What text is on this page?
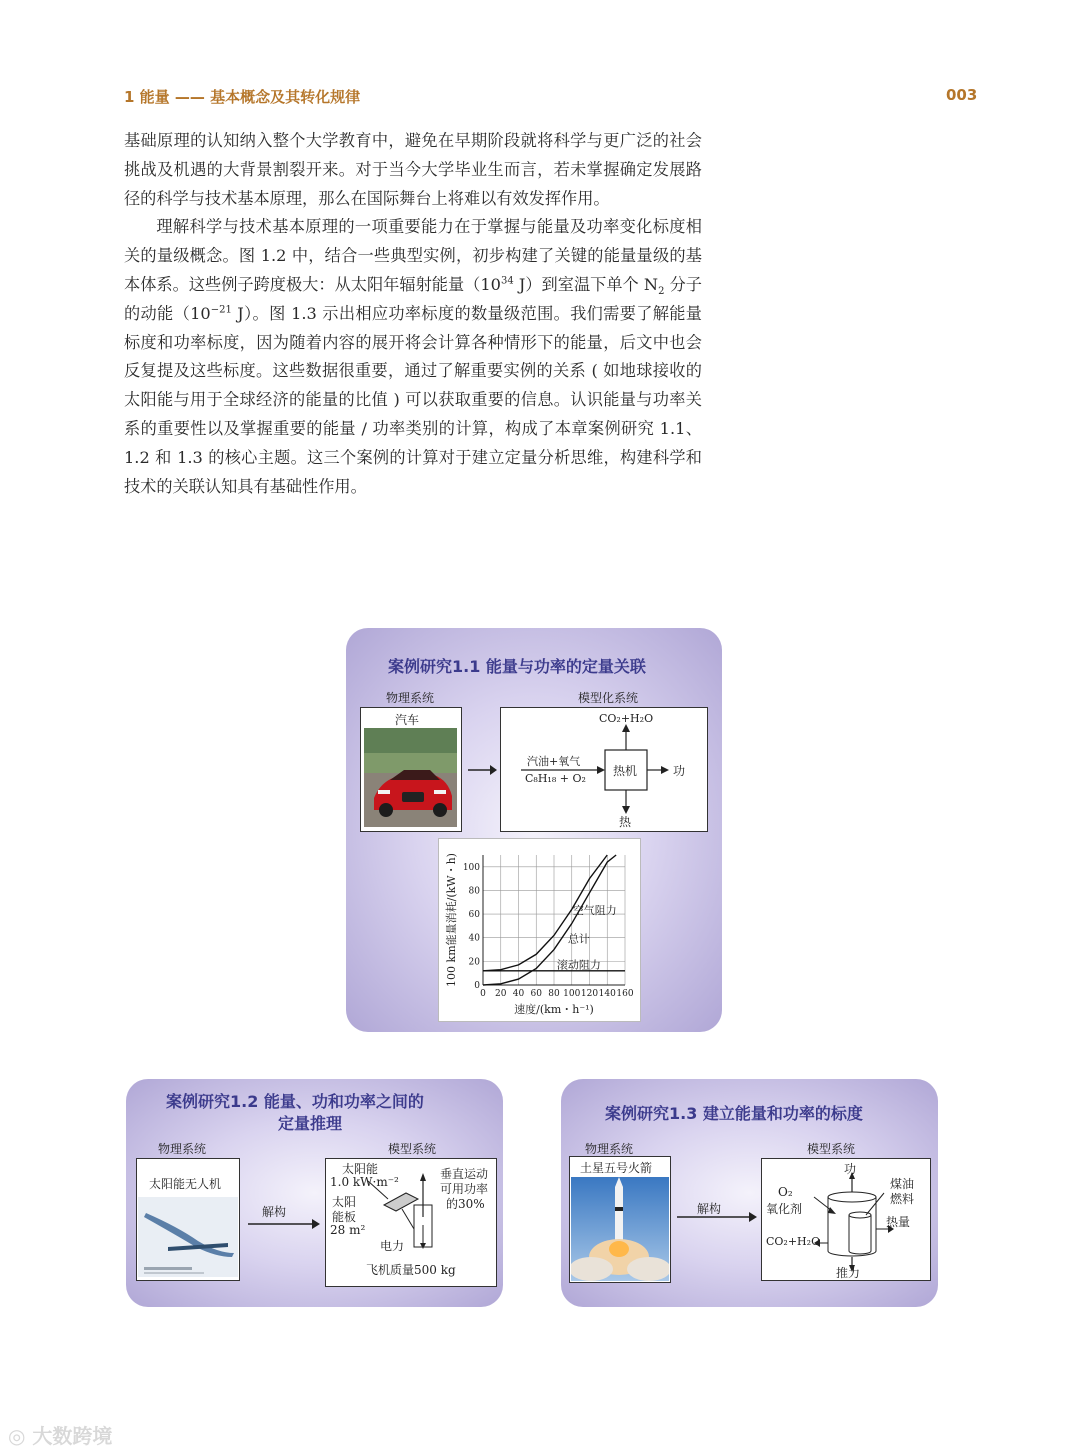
1 能量 —— 基本概念及其转化规律	003

基础原理的认知纳入整个大学教育中，避免在早期阶段就将科学与更广泛的社会挑战及机遇的大背景割裂开来。对于当今大学毕业生而言，若未掌握确定发展路径的科学与技术基本原理，那么在国际舞台上将难以有效发挥作用。

理解科学与技术基本原理的一项重要能力在于掌握与能量及功率变化标度相关的量级概念。图 1.2 中，结合一些典型实例，初步构建了关键的能量量级的基本体系。这些例子跨度极大：从太阳年辐射能量（$10^{34}$ J）到室温下单个 $N_2$ 分子的动能（$10^{-21}$ J）。图 1.3 示出相应功率标度的数量级范围。我们需要了解能量标度和功率标度，因为随着内容的展开将会计算各种情形下的能量，后文中也会反复提及这些标度。这些数据很重要，通过了解重要实例的关系 ( 如地球接收的太阳能与用于全球经济的能量的比值 ) 可以获取重要的信息。认识能量与功率关系的重要性以及掌握重要的能量 / 功率类别的计算，构成了本章案例研究 1.1、1.2 和 1.3 的核心主题。这三个案例的计算对于建立定量分析思维，构建科学和技术的关联认知具有基础性作用。

案例研究1.1 能量与功率的定量关联
物理系统	模型化系统
汽车	CO₂+H₂O
汽油+氧气
C₈H₁₈ + O₂
热机	功
热
0 20 40 60 80 100 120 140 160
0
20
40
60
80
100
总计
空气阻力
滚动阻力
速度/(km・h⁻¹)
100 km能量消耗/(kW・h)
案例研究1.2 能量、功和功率之间的
定量推理
物理系统	模型系统
太阳能无人机
解构
太阳能
1.0 kW·m⁻²
太阳
能板
28 m²
电力
垂直运动
可用功率
的30%
飞机质量500 kg
案例研究1.3 建立能量和功率的标度
物理系统	模型系统
土星五号火箭
解构
功
O₂
氧化剂
煤油
燃料
热量
CO₂+H₂O
推力
◎ 大数跨境
